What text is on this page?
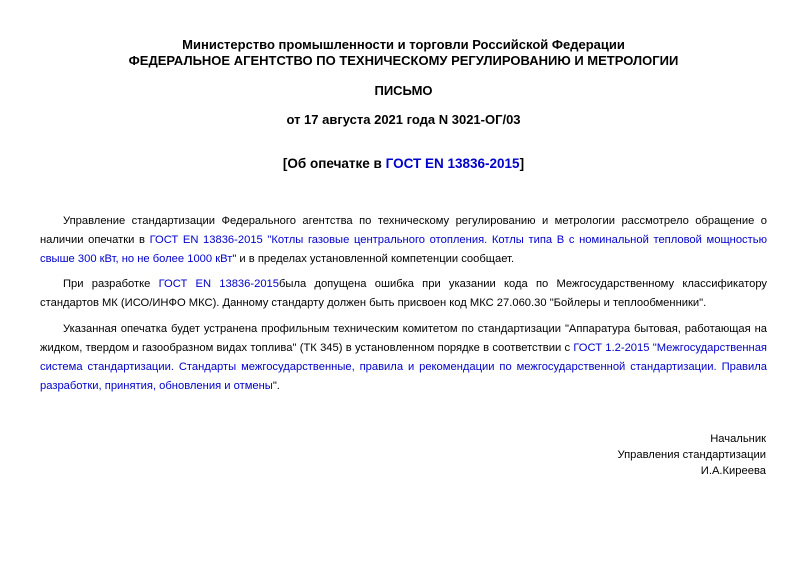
Министерство промышленности и торговли Российской Федерации
ФЕДЕРАЛЬНОЕ АГЕНТСТВО ПО ТЕХНИЧЕСКОМУ РЕГУЛИРОВАНИЮ И МЕТРОЛОГИИ
ПИСЬМО
от 17 августа 2021 года N 3021-ОГ/03
[Об опечатке в ГОСТ EN 13836-2015]

Управление стандартизации Федерального агентства по техническому регулированию и метрологии рассмотрело обращение о наличии опечатки в ГОСТ EN 13836-2015 "Котлы газовые центрального отопления. Котлы типа B с номинальной тепловой мощностью свыше 300 кВт, но не более 1000 кВт" и в пределах установленной компетенции сообщает.

При разработке ГОСТ EN 13836-2015была допущена ошибка при указании кода по Межгосударственному классификатору стандартов МК (ИСО/ИНФО МКС). Данному стандарту должен быть присвоен код МКС 27.060.30 "Бойлеры и теплообменники".

Указанная опечатка будет устранена профильным техническим комитетом по стандартизации "Аппаратура бытовая, работающая на жидком, твердом и газообразном видах топлива" (ТК 345) в установленном порядке в соответствии с ГОСТ 1.2-2015 "Межгосударственная система стандартизации. Стандарты межгосударственные, правила и рекомендации по межгосударственной стандартизации. Правила разработки, принятия, обновления и отмены".

Начальник
Управления стандартизации
И.А.Киреева
